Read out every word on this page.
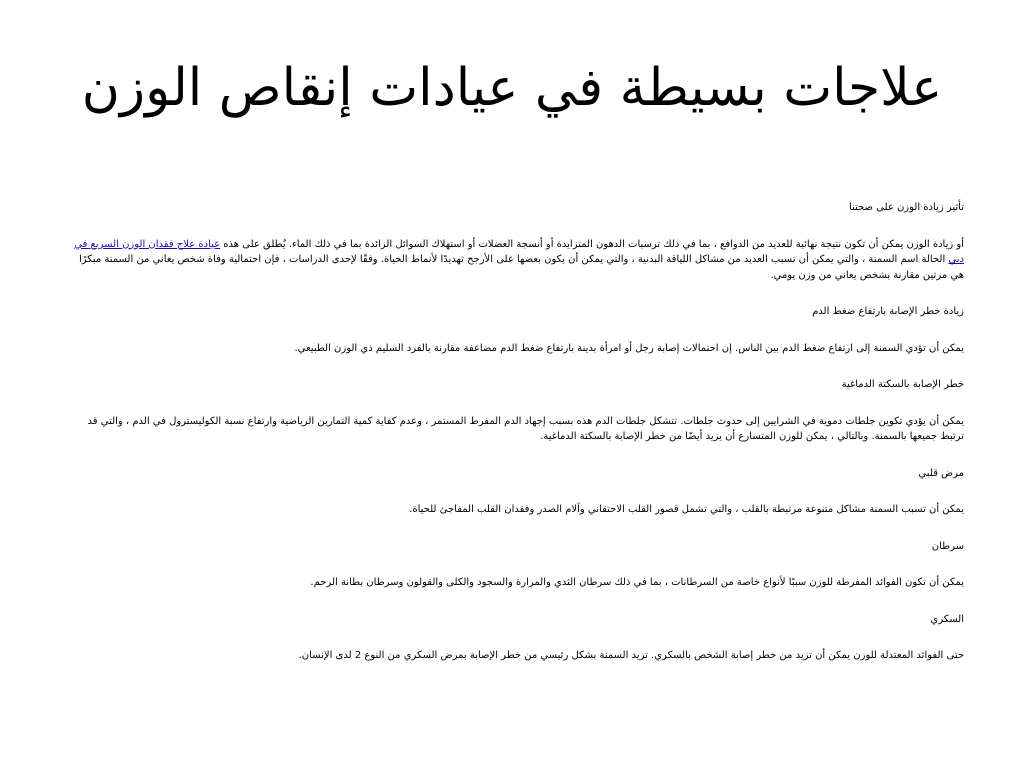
علاجات بسيطة في عيادات إنقاص الوزن

تأثير زيادة الوزن على صحتنا

أو زيادة الوزن يمكن أن تكون نتيجة نهائية للعديد من الدوافع ، بما في ذلك ترسبات الدهون المتزايدة أو أنسجة العضلات أو استهلاك السوائل الزائدة بما في ذلك الماء. يُطلق على هذه عيادة علاج فقدان الوزن السريع في دبي الحالة اسم السمنة ، والتي يمكن أن تسبب العديد من مشاكل اللياقة البدنية ، والتي يمكن أن يكون بعضها على الأرجح تهديدًا لأنماط الحياة. وفقًا لإحدى الدراسات ، فإن احتمالية وفاة شخص يعاني من السمنة مبكرًا هي مرتين مقارنة بشخص يعاني من وزن يومي.

زيادة خطر الإصابة بارتفاع ضغط الدم

يمكن أن تؤدي السمنة إلى ارتفاع ضغط الدم بين الناس. إن احتمالات إصابة رجل أو امرأة بدينة بارتفاع ضغط الدم مضاعفة مقارنة بالفرد السليم ذي الوزن الطبيعي.

خطر الإصابة بالسكتة الدماغية

يمكن أن يؤدي تكوين جلطات دموية في الشرايين إلى حدوث جلطات. تتشكل جلطات الدم هذه بسبب إجهاد الدم المفرط المستمر ، وعدم كفاية كمية التمارين الرياضية وارتفاع نسبة الكوليسترول في الدم ، والتي قد ترتبط جميعها بالسمنة. وبالتالي ، يمكن للوزن المتسارع أن يزيد أيضًا من خطر الإصابة بالسكتة الدماغية.

مرض قلبي

يمكن أن تسبب السمنة مشاكل متنوعة مرتبطة بالقلب ، والتي تشمل قصور القلب الاحتقاني وآلام الصدر وفقدان القلب المفاجئ للحياة.

سرطان

يمكن أن تكون الفوائد المفرطة للوزن سببًا لأنواع خاصة من السرطانات ، بما في ذلك سرطان الثدي والمرارة والسجود والكلى والقولون وسرطان بطانة الرحم.

السكري

حتى الفوائد المعتدلة للوزن يمكن أن تزيد من خطر إصابة الشخص بالسكري. تزيد السمنة بشكل رئيسي من خطر الإصابة بمرض السكري من النوع 2 لدى الإنسان.
